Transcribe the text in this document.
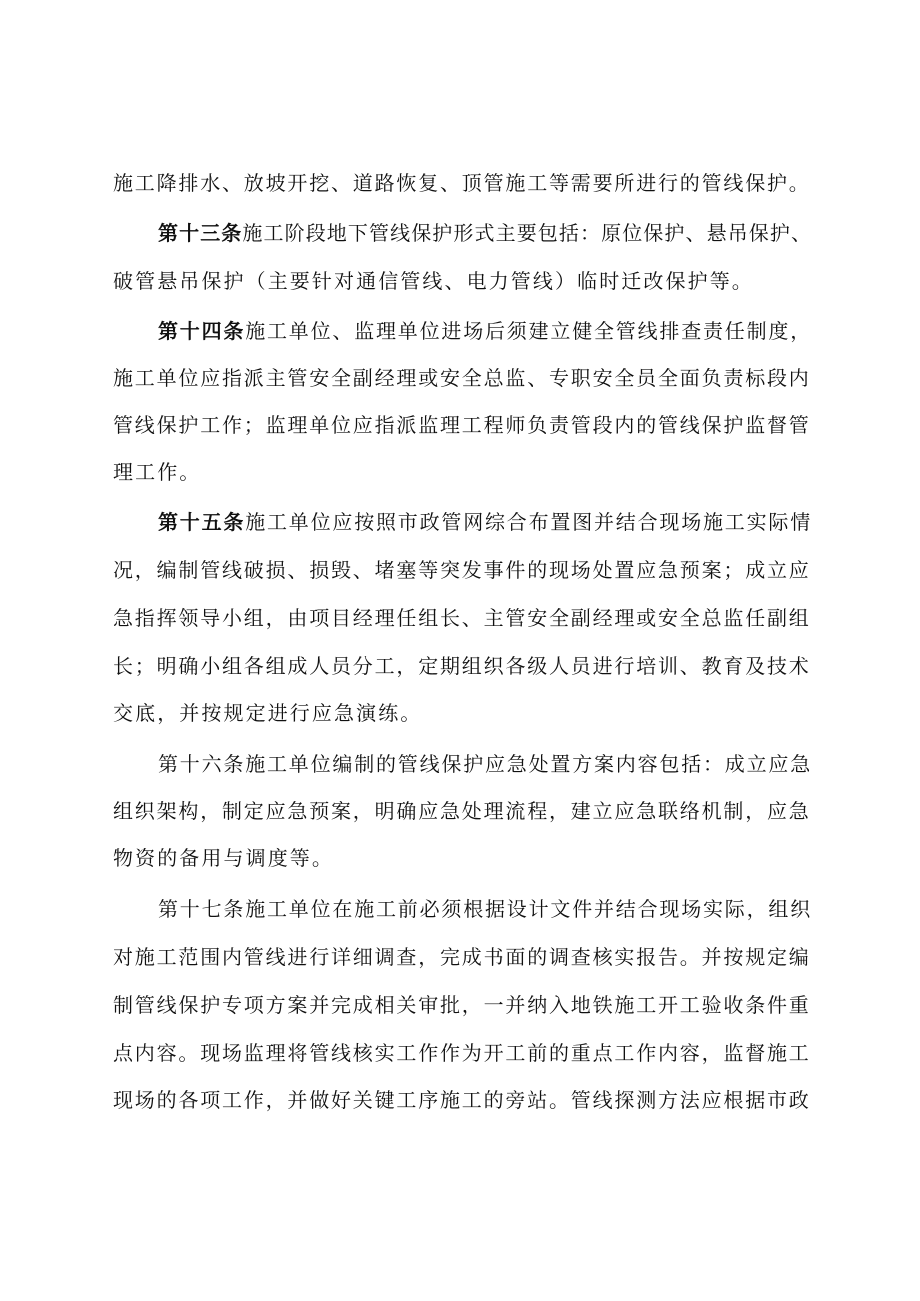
施工降排水、放坡开挖、道路恢复、顶管施工等需要所进行的管线保护。
第十三条施工阶段地下管线保护形式主要包括：原位保护、悬吊保护、
破管悬吊保护（主要针对通信管线、电力管线）临时迁改保护等。
第十四条施工单位、监理单位进场后须建立健全管线排查责任制度，
施工单位应指派主管安全副经理或安全总监、专职安全员全面负责标段内
管线保护工作；监理单位应指派监理工程师负责管段内的管线保护监督管
理工作。
第十五条施工单位应按照市政管网综合布置图并结合现场施工实际情
况，编制管线破损、损毁、堵塞等突发事件的现场处置应急预案；成立应
急指挥领导小组，由项目经理任组长、主管安全副经理或安全总监任副组
长；明确小组各组成人员分工，定期组织各级人员进行培训、教育及技术
交底，并按规定进行应急演练。
第十六条施工单位编制的管线保护应急处置方案内容包括：成立应急
组织架构，制定应急预案，明确应急处理流程，建立应急联络机制，应急
物资的备用与调度等。
第十七条施工单位在施工前必须根据设计文件并结合现场实际，组织
对施工范围内管线进行详细调查，完成书面的调查核实报告。并按规定编
制管线保护专项方案并完成相关审批，一并纳入地铁施工开工验收条件重
点内容。现场监理将管线核实工作作为开工前的重点工作内容，监督施工
现场的各项工作，并做好关键工序施工的旁站。管线探测方法应根据市政
